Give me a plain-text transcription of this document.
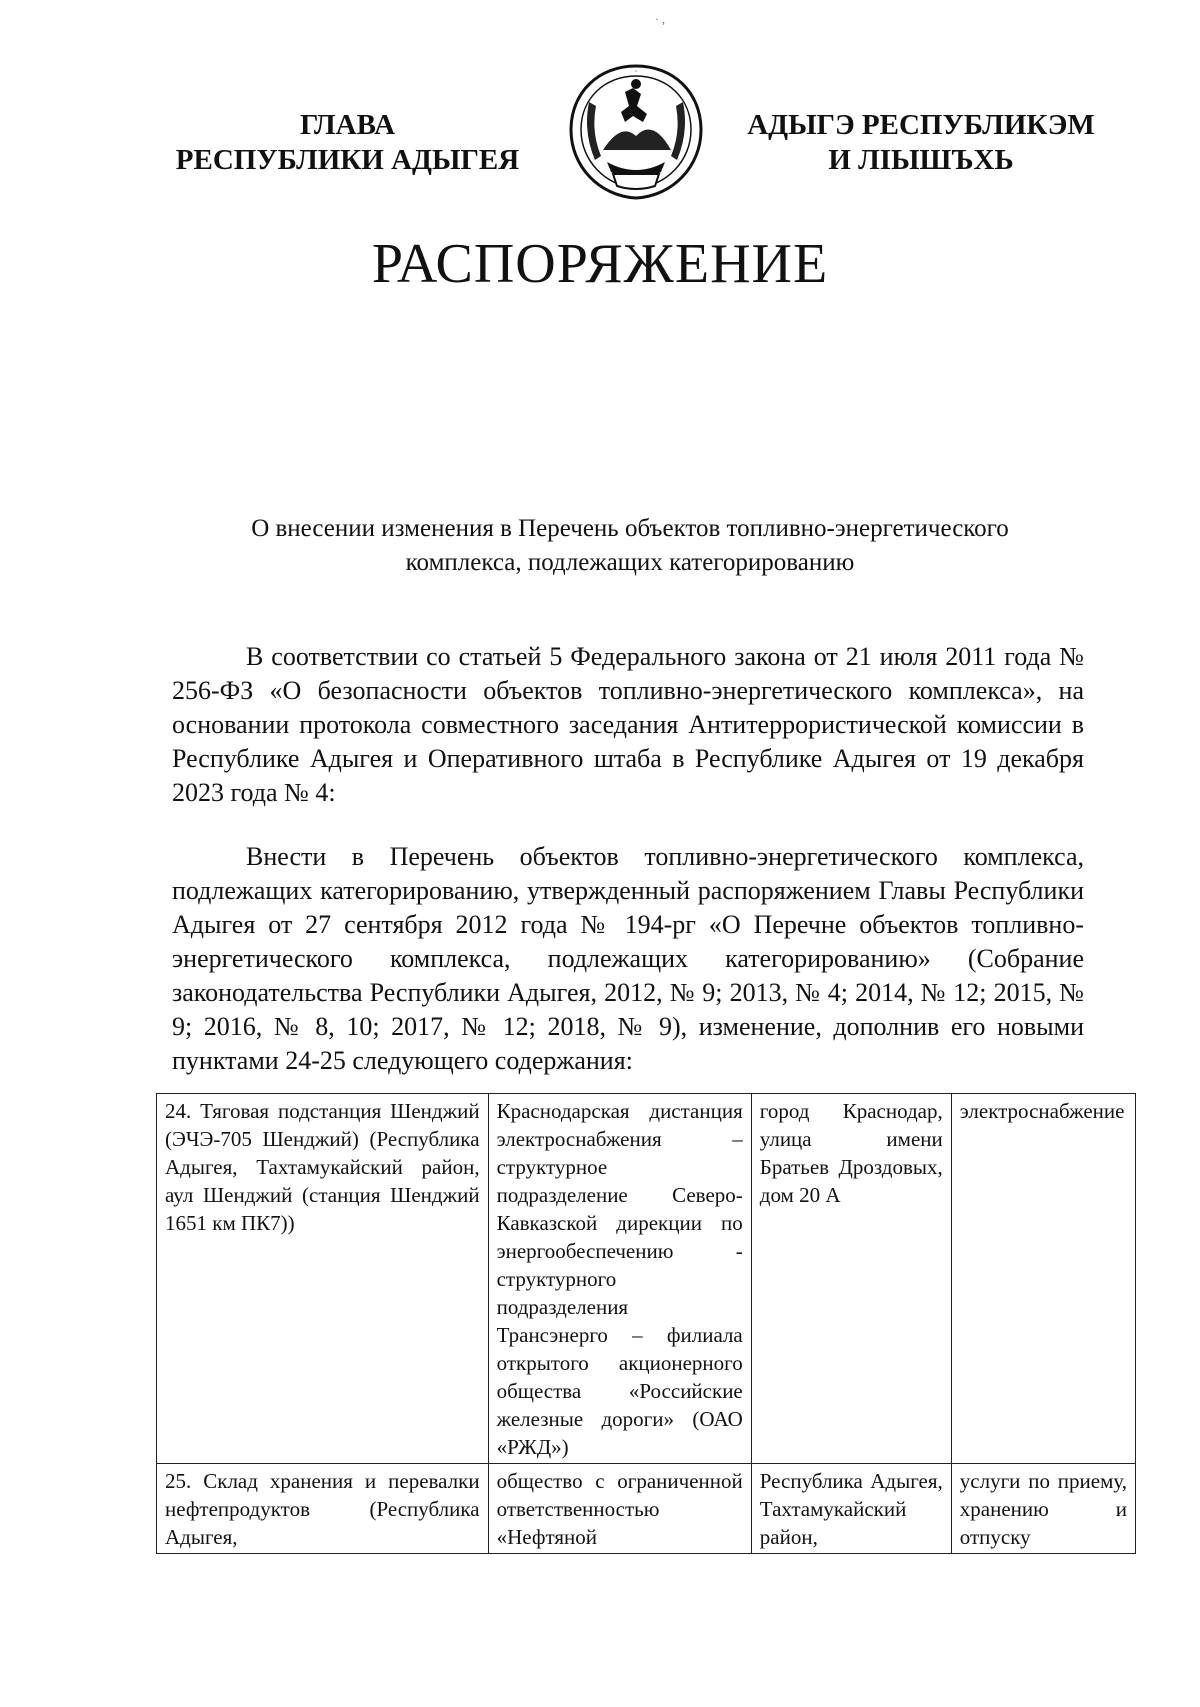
· ,
ГЛАВА
РЕСПУБЛИКИ АДЫГЕЯ
·
АДЫГЭ РЕСПУБЛИКЭМ
И ЛІЫШЪХЬ
РАСПОРЯЖЕНИЕ
О внесении изменения в Перечень объектов топливно-энергетического
комплекса, подлежащих категорированию

В соответствии со статьей 5 Федерального закона от 21 июля 2011 года № 256-ФЗ «О безопасности объектов топливно-энергетического комплекса», на основании протокола совместного заседания Антитеррористической комиссии в Республике Адыгея и Оперативного штаба в Республике Адыгея от 19 декабря 2023 года № 4:

Внести в Перечень объектов топливно-энергетического комплекса, подлежащих категорированию, утвержденный распоряжением Главы Республики Адыгея от 27 сентября 2012 года № 194-рг «О Перечне объектов топливно-энергетического комплекса, подлежащих категорированию» (Собрание законодательства Республики Адыгея, 2012, № 9; 2013, № 4; 2014, № 12; 2015, № 9; 2016, № 8, 10; 2017, № 12; 2018, № 9), изменение, дополнив его новыми пунктами 24-25 следующего содержания:

24. Тяговая подстанция Шенджий (ЭЧЭ-705 Шенджий) (Республика Адыгея, Тахтамукайский район, аул Шенджий (станция Шенджий 1651 км ПК7))	Краснодарская дистанция электроснабжения – структурное подразделение Северо-Кавказской дирекции по энергообеспечению - структурного подразделения Трансэнерго – филиала открытого акционерного общества «Российские железные дороги» (ОАО «РЖД»)	город Краснодар, улица имени Братьев Дроздовых, дом 20 А	электроснабжение
25. Склад хранения и перевалки нефтепродуктов (Республика Адыгея,	общество с ограниченной ответственностью «Нефтяной	Республика Адыгея, Тахтамукайский район,	услуги по приему, хранению и отпуску
